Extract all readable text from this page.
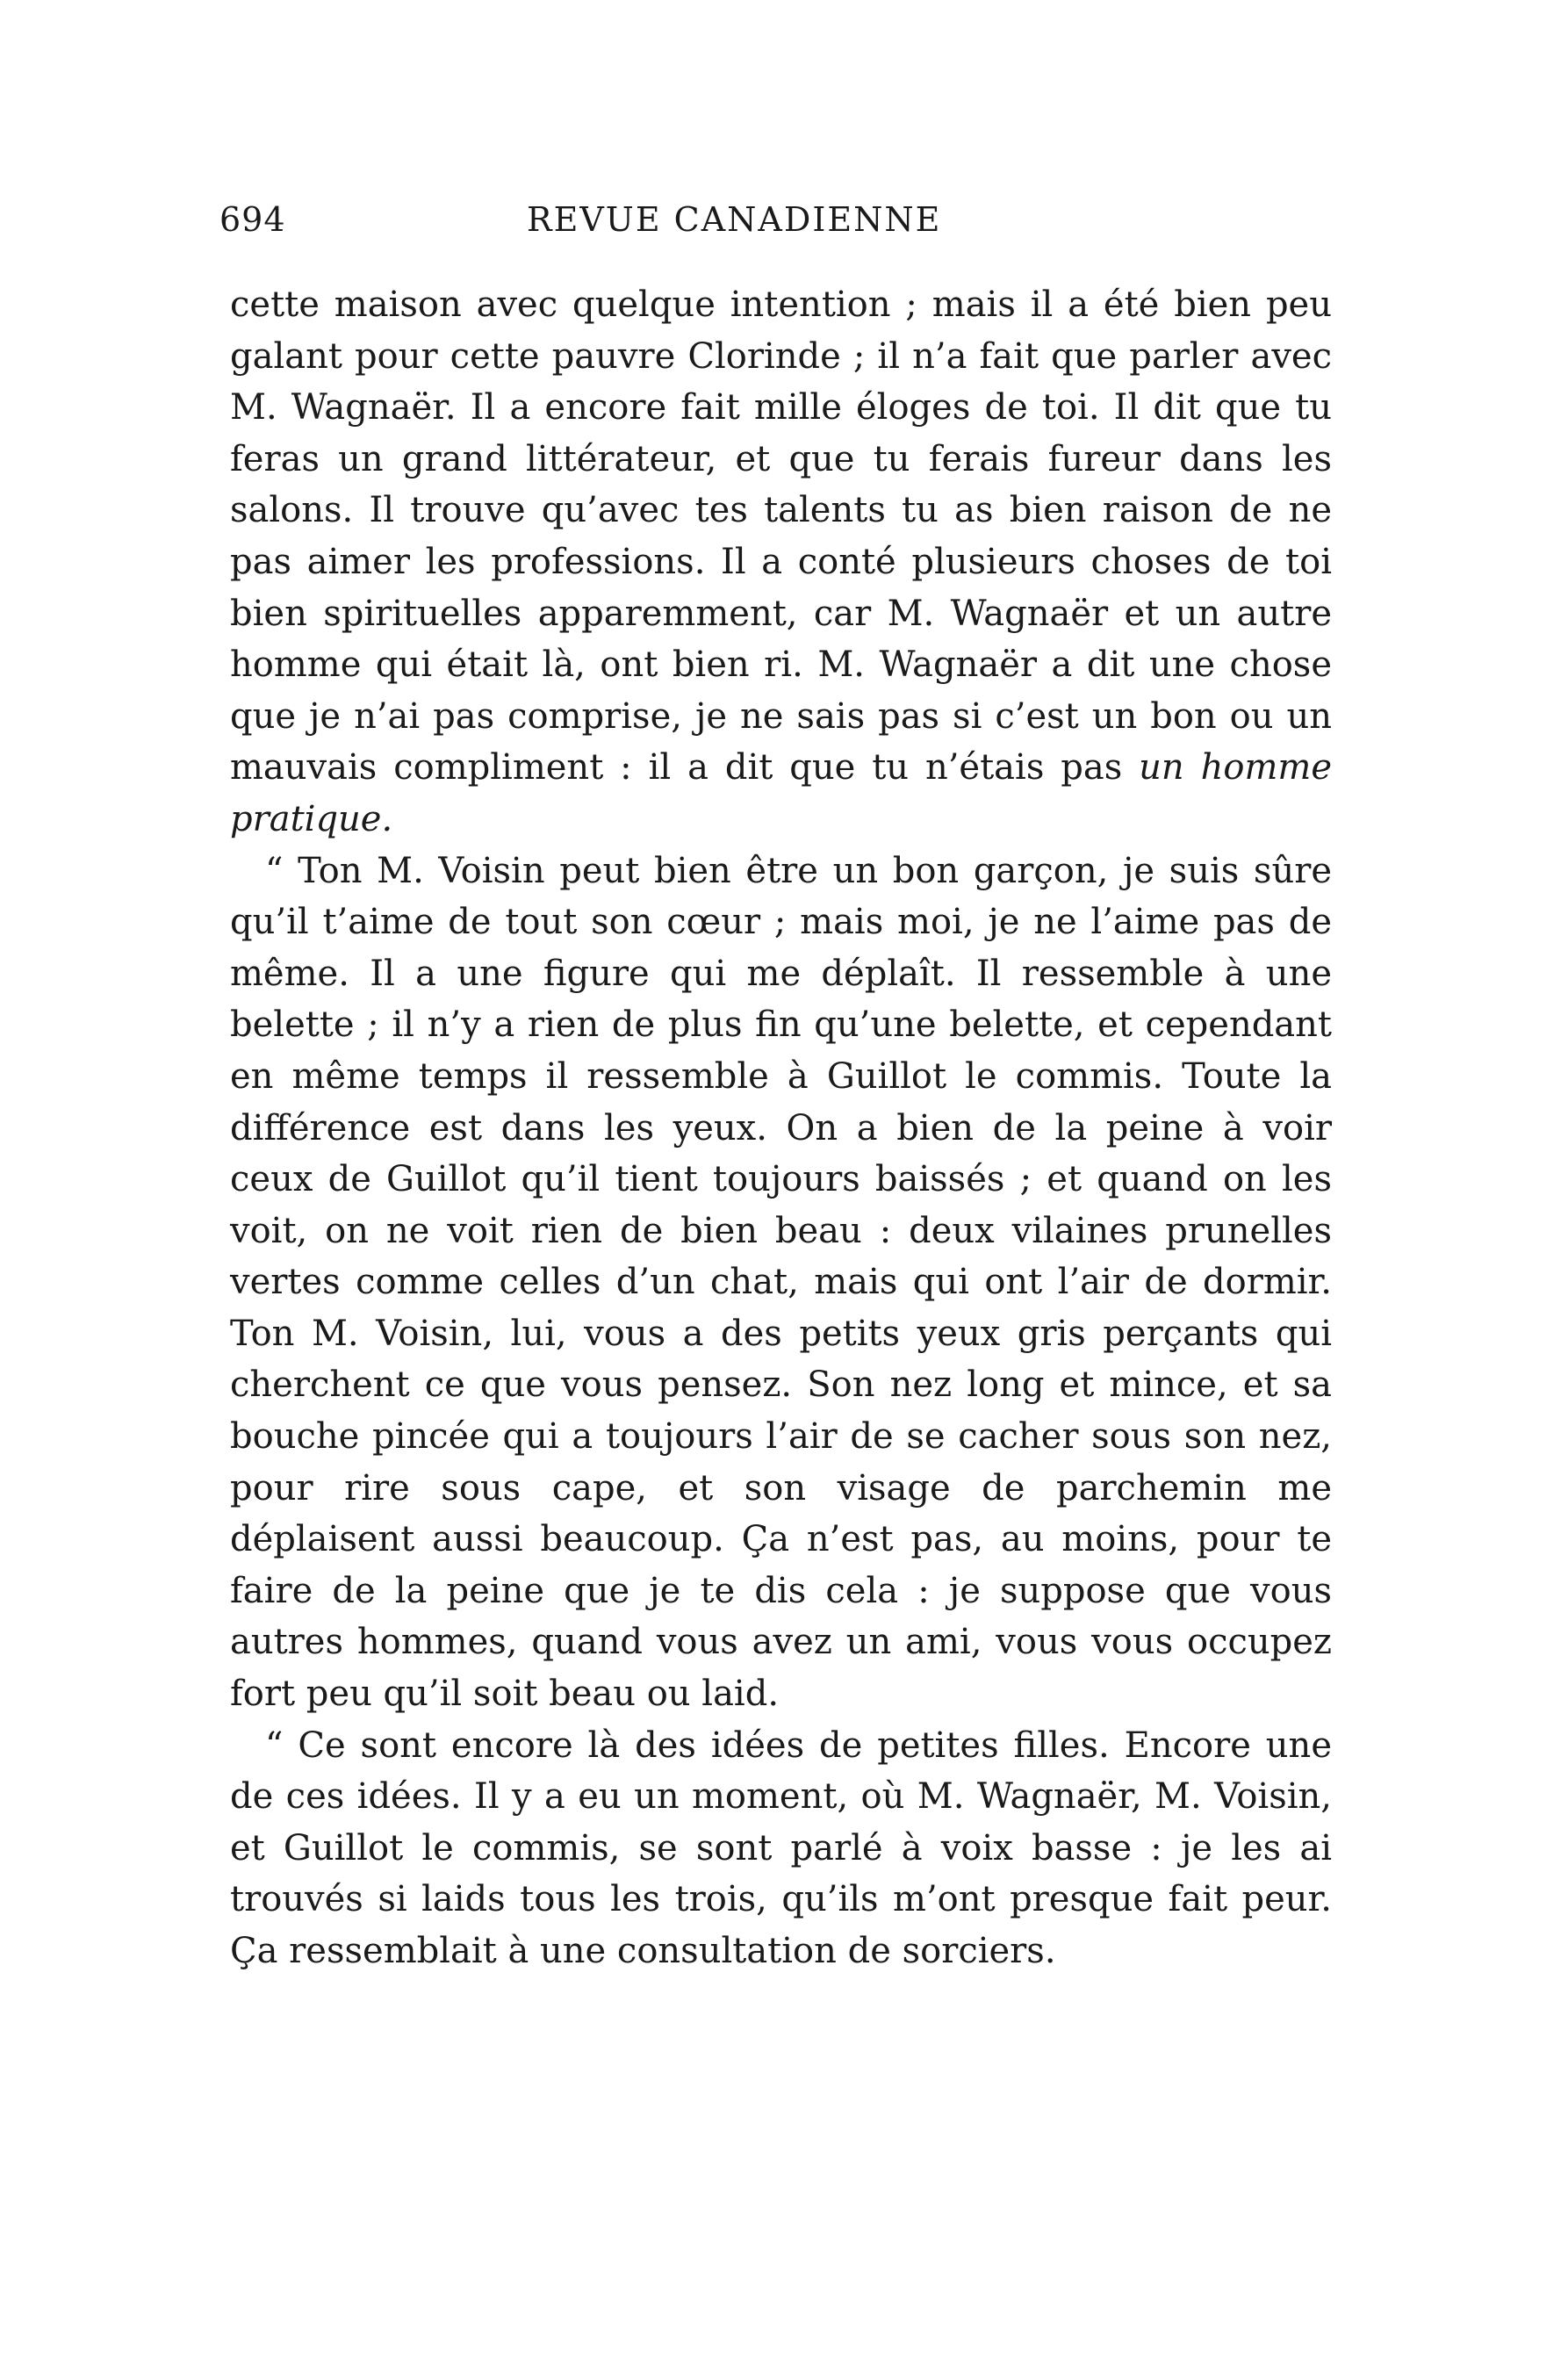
694	REVUE CANADIENNE

cette maison avec quelque intention ; mais il a été bien peu galant pour cette pauvre Clorinde ; il n’a fait que parler avec M. Wagnaër. Il a encore fait mille éloges de toi. Il dit que tu feras un grand littérateur, et que tu ferais fureur dans les salons. Il trouve qu’avec tes talents tu as bien raison de ne pas aimer les professions. Il a conté plusieurs choses de toi bien spirituelles apparemment, car M. Wagnaër et un autre homme qui était là, ont bien ri. M. Wagnaër a dit une chose que je n’ai pas comprise, je ne sais pas si c’est un bon ou un mauvais compliment : il a dit que tu n’étais pas un homme pratique.

“ Ton M. Voisin peut bien être un bon garçon, je suis sûre qu’il t’aime de tout son cœur ; mais moi, je ne l’aime pas de même. Il a une figure qui me déplaît. Il ressemble à une belette ; il n’y a rien de plus fin qu’une belette, et cependant en même temps il ressemble à Guillot le commis. Toute la différence est dans les yeux. On a bien de la peine à voir ceux de Guillot qu’il tient toujours baissés ; et quand on les voit, on ne voit rien de bien beau : deux vilaines prunelles vertes comme celles d’un chat, mais qui ont l’air de dormir. Ton M. Voisin, lui, vous a des petits yeux gris perçants qui cherchent ce que vous pensez. Son nez long et mince, et sa bouche pincée qui a toujours l’air de se cacher sous son nez, pour rire sous cape, et son visage de parchemin me déplaisent aussi beaucoup. Ça n’est pas, au moins, pour te faire de la peine que je te dis cela : je suppose que vous autres hommes, quand vous avez un ami, vous vous occupez fort peu qu’il soit beau ou laid.

“ Ce sont encore là des idées de petites filles. Encore une de ces idées. Il y a eu un moment, où M. Wagnaër, M. Voisin, et Guillot le commis, se sont parlé à voix basse : je les ai trouvés si laids tous les trois, qu’ils m’ont presque fait peur. Ça ressemblait à une consultation de sorciers.
